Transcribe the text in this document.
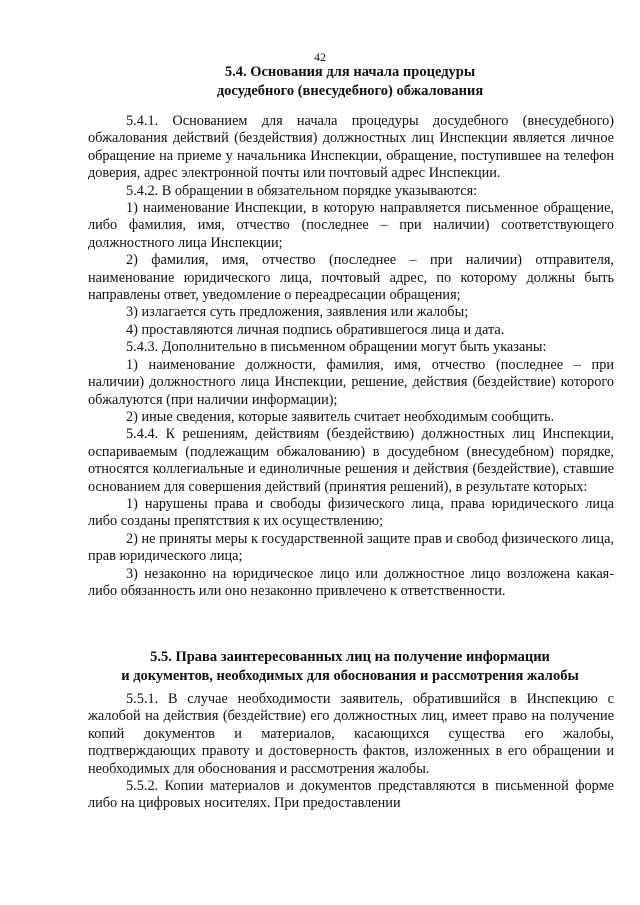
42
5.4. Основания для начала процедуры
досудебного (внесудебного) обжалования

5.4.1. Основанием для начала процедуры досудебного (внесудебного) обжалования действий (бездействия) должностных лиц Инспекции является личное обращение на приеме у начальника Инспекции, обращение, поступившее на телефон доверия, адрес электронной почты или почтовый адрес Инспекции.

5.4.2. В обращении в обязательном порядке указываются:

1) наименование Инспекции, в которую направляется письменное обращение, либо фамилия, имя, отчество (последнее – при наличии) соответствующего должностного лица Инспекции;

2) фамилия, имя, отчество (последнее – при наличии) отправителя, наименование юридического лица, почтовый адрес, по которому должны быть направлены ответ, уведомление о переадресации обращения;

3) излагается суть предложения, заявления или жалобы;

4) проставляются личная подпись обратившегося лица и дата.

5.4.3. Дополнительно в письменном обращении могут быть указаны:

1) наименование должности, фамилия, имя, отчество (последнее – при наличии) должностного лица Инспекции, решение, действия (бездействие) которого обжалуются (при наличии информации);

2) иные сведения, которые заявитель считает необходимым сообщить.

5.4.4. К решениям, действиям (бездействию) должностных лиц Инспекции, оспариваемым (подлежащим обжалованию) в досудебном (внесудебном) порядке, относятся коллегиальные и единоличные решения и действия (бездействие), ставшие основанием для совершения действий (принятия решений), в результате которых:

1) нарушены права и свободы физического лица, права юридического лица либо созданы препятствия к их осуществлению;

2) не приняты меры к государственной защите прав и свобод физического лица, прав юридического лица;

3) незаконно на юридическое лицо или должностное лицо возложена какая-либо обязанность или оно незаконно привлечено к ответственности.

5.5. Права заинтересованных лиц на получение информации
и документов, необходимых для обоснования и рассмотрения жалобы

5.5.1. В случае необходимости заявитель, обратившийся в Инспекцию с жалобой на действия (бездействие) его должностных лиц, имеет право на получение копий документов и материалов, касающихся существа его жалобы, подтверждающих правоту и достоверность фактов, изложенных в его обращении и необходимых для обоснования и рассмотрения жалобы.

5.5.2. Копии материалов и документов представляются в письменной форме либо на цифровых носителях. При предоставлении
